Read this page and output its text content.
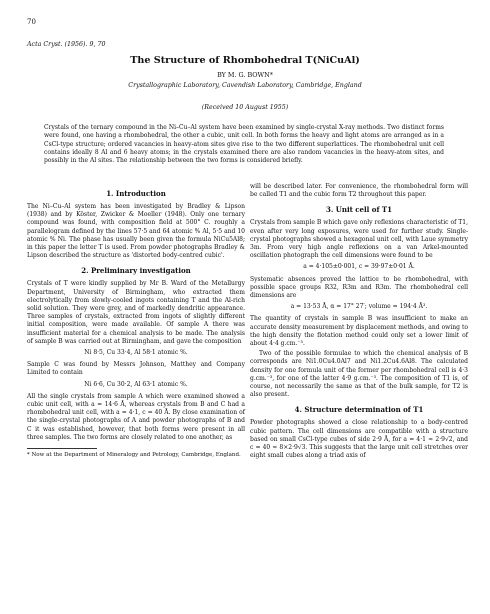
70
Acta Cryst. (1956). 9, 70
The Structure of Rhombohedral T(NiCuAl)
BY M. G. BOWN*
Crystallographic Laboratory, Cavendish Laboratory, Cambridge, England
(Received 10 August 1955)
Crystals of the ternary compound in the Ni–Cu–Al system have been examined by single-crystal X-ray methods. Two distinct forms were found, one having a rhombohedral, the other a cubic, unit cell. In both forms the heavy and light atoms are arranged as in a CsCl-type structure; ordered vacancies in heavy-atom sites give rise to the two different superlattices. The rhombohedral unit cell contains ideally 8 Al and 6 heavy atoms; in the crystals examined there are also random vacancies in the heavy-atom sites, and possibly in the Al sites. The relationship between the two forms is considered briefly.
1. Introduction

The Ni–Cu–Al system has been investigated by Bradley & Lipson (1938) and by Köster, Zwicker & Moeller (1948). Only one ternary compound was found, with composition field at 500° C. roughly a parallelogram defined by the lines 57·5 and 64 atomic % Al, 5·5 and 10 atomic % Ni. The phase has usually been given the formula NiCu5Al8; in this paper the letter T is used. From powder photographs Bradley & Lipson described the structure as 'distorted body-centred cubic'.

2. Preliminary investigation

Crystals of T were kindly supplied by Mr B. Ward of the Metallurgy Department, University of Birmingham, who extracted them electrolytically from slowly-cooled ingots containing T and the Al-rich solid solution. They were grey, and of markedly dendritic appearance. Three samples of crystals, extracted from ingots of slightly different initial composition, were made available. Of sample A there was insufficient material for a chemical analysis to be made. The analysis of sample B was carried out at Birmingham, and gave the composition

Ni 8·5, Cu 33·4, Al 58·1 atomic %.

Sample C was found by Messrs Johnson, Matthey and Company Limited to contain

Ni 6·6, Cu 30·2, Al 63·1 atomic %.

All the single crystals from sample A which were examined showed a cubic unit cell, with a = 14·6 Å, whereas crystals from B and C had a rhombohedral unit cell, with a = 4·1, c = 40 Å. By close examination of the single-crystal photographs of A and powder photographs of B and C it was established, however, that both forms were present in all three samples. The two forms are closely related to one another, as

* Now at the Department of Mineralogy and Petrology, Cambridge, England.

will be described later. For convenience, the rhombohedral form will be called T1 and the cubic form T2 throughout this paper.

3. Unit cell of T1

Crystals from sample B which gave only reflexions characteristic of T1, even after very long exposures, were used for further study. Single-crystal photographs showed a hexagonal unit cell, with Laue symmetry 3m. From very high angle reflexions on a van Arkel-mounted oscillation photograph the cell dimensions were found to be

a = 4·105±0·001, c = 39·97±0·01 Å.

Systematic absences proved the lattice to be rhombohedral, with possible space groups R32, R3m and R3m. The rhombohedral cell dimensions are

a = 13·53 Å, α = 17° 27′; volume = 194·4 Å³.

The quantity of crystals in sample B was insufficient to make an accurate density measurement by displacement methods, and owing to the high density the flotation method could only set a lower limit of about 4·4 g.cm.⁻³.

Two of the possible formulae to which the chemical analysis of B corresponds are Ni1.0Cu4.0Al7 and Ni1.2Cu4.6Al8. The calculated density for one formula unit of the former per rhombohedral cell is 4·3 g.cm.⁻³, for one of the latter 4·9 g.cm.⁻³. The composition of T1 is, of course, not necessarily the same as that of the bulk sample, for T2 is also present.

4. Structure determination of T1

Powder photographs showed a close relationship to a body-centred cubic pattern. The cell dimensions are compatible with a structure based on small CsCl-type cubes of side 2·9 Å, for a = 4·1 ≈ 2·9√2, and c = 40 ≈ 8×2·9√3. This suggests that the large unit cell stretches over eight small cubes along a triad axis of
